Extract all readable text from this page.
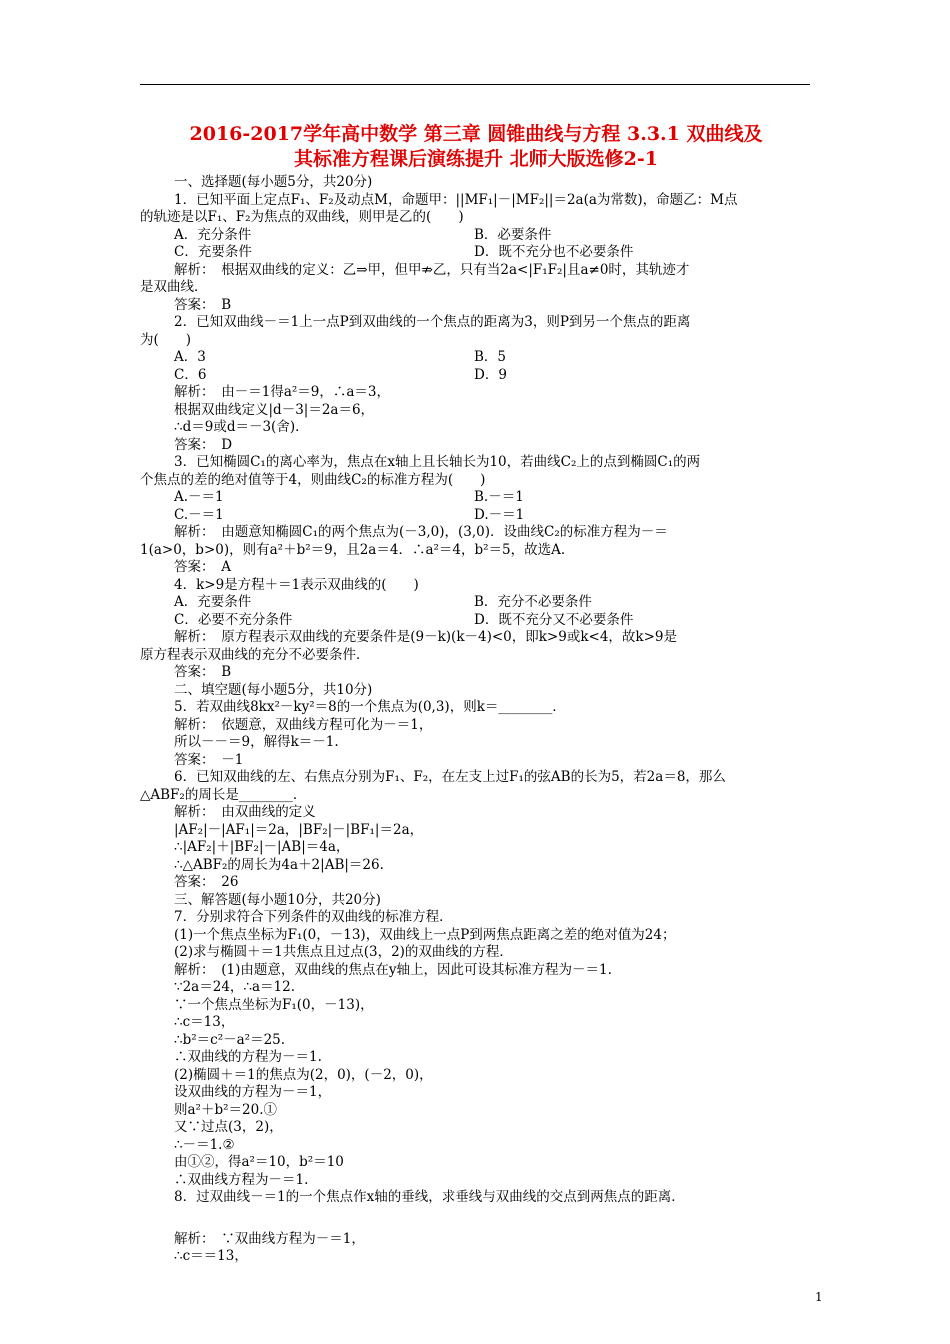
2016-2017学年高中数学 第三章 圆锥曲线与方程 3.3.1 双曲线及
其标准方程课后演练提升 北师大版选修2-1
一、选择题(每小题5分，共20分)
1．已知平面上定点F₁、F₂及动点M，命题甲：||MF₁|－|MF₂||＝2a(a为常数)，命题乙：M点
的轨迹是以F₁、F₂为焦点的双曲线，则甲是乙的(　　)
A．充分条件	B．必要条件
C．充要条件	D．既不充分也不必要条件
解析：　根据双曲线的定义：乙⇒甲，但甲⇏乙，只有当2a<|F₁F₂|且a≠0时，其轨迹才
是双曲线．
答案：　B
2．已知双曲线－＝1上一点P到双曲线的一个焦点的距离为3，则P到另一个焦点的距离
为(　　)
A．3	B．5
C．6	D．9
解析：　由－＝1得a²＝9，∴a＝3，
根据双曲线定义|d－3|＝2a＝6，
∴d＝9或d＝－3(舍)．
答案：　D
3．已知椭圆C₁的离心率为，焦点在x轴上且长轴长为10，若曲线C₂上的点到椭圆C₁的两
个焦点的差的绝对值等于4，则曲线C₂的标准方程为(　　)
A.－＝1	B.－＝1
C.－＝1	D.－＝1
解析：　由题意知椭圆C₁的两个焦点为(－3,0)，(3,0)．设曲线C₂的标准方程为－＝
1(a>0，b>0)，则有a²＋b²＝9，且2a＝4．∴a²＝4，b²＝5，故选A.
答案：　A
4．k>9是方程＋＝1表示双曲线的(　　)
A．充要条件	B．充分不必要条件
C．必要不充分条件	D．既不充分又不必要条件
解析：　原方程表示双曲线的充要条件是(9－k)(k－4)<0，即k>9或k<4，故k>9是
原方程表示双曲线的充分不必要条件．
答案：　B
二、填空题(每小题5分，共10分)
5．若双曲线8kx²－ky²＝8的一个焦点为(0,3)，则k＝________．
解析：　依题意，双曲线方程可化为－＝1，
所以－－＝9，解得k＝－1.
答案：　－1
6．已知双曲线的左、右焦点分别为F₁、F₂，在左支上过F₁的弦AB的长为5，若2a＝8，那么
△ABF₂的周长是________．
解析：　由双曲线的定义
|AF₂|－|AF₁|＝2a，|BF₂|－|BF₁|＝2a，
∴|AF₂|＋|BF₂|－|AB|＝4a，
∴△ABF₂的周长为4a＋2|AB|＝26.
答案：　26
三、解答题(每小题10分，共20分)
7．分别求符合下列条件的双曲线的标准方程．
(1)一个焦点坐标为F₁(0，－13)，双曲线上一点P到两焦点距离之差的绝对值为24；
(2)求与椭圆＋＝1共焦点且过点(3，2)的双曲线的方程．
解析：　(1)由题意，双曲线的焦点在y轴上，因此可设其标准方程为－＝1.
∵2a＝24，∴a＝12.
∵一个焦点坐标为F₁(0，－13)，
∴c＝13，
∴b²＝c²－a²＝25.
∴双曲线的方程为－＝1.
(2)椭圆＋＝1的焦点为(2，0)，(－2，0)，
设双曲线的方程为－＝1，
则a²＋b²＝20.①
又∵过点(3，2)，
∴－＝1.②
由①②，得a²＝10，b²＝10
∴双曲线方程为－＝1.
8．过双曲线－＝1的一个焦点作x轴的垂线，求垂线与双曲线的交点到两焦点的距离．
解析：　∵双曲线方程为－＝1，
∴c＝＝13，
1
